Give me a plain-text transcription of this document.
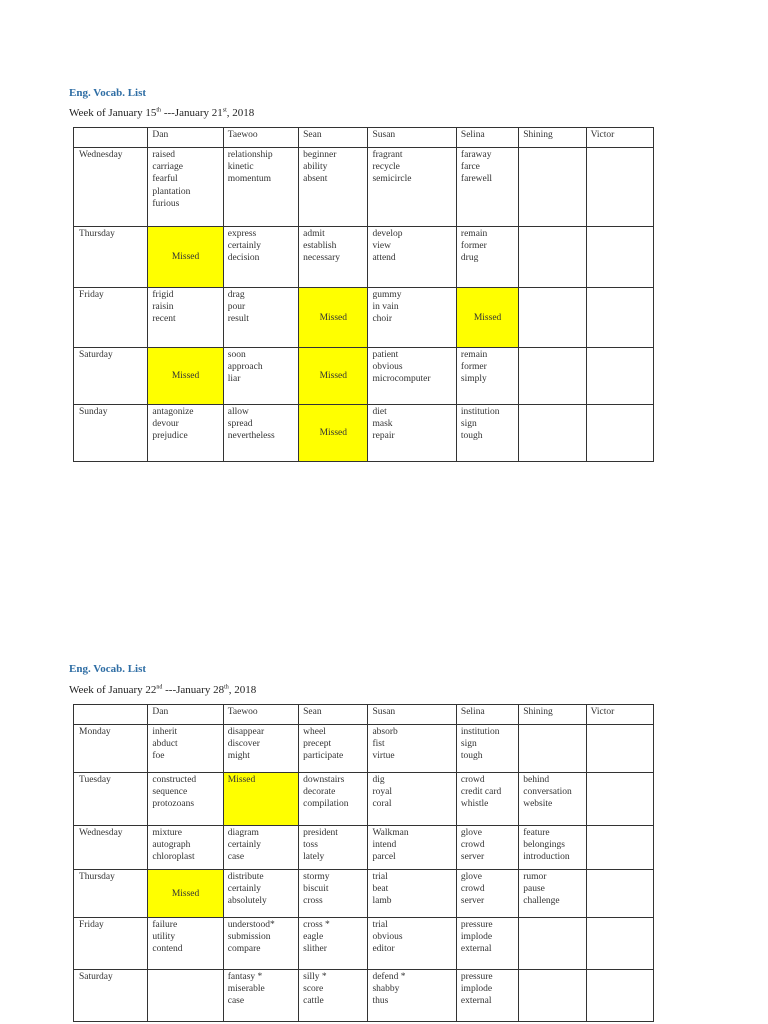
Eng. Vocab. List
Week of January 15th ---January 21st, 2018
	Dan	Taewoo	Sean	Susan	Selina	Shining	Victor
Wednesday	raised
carriage
fearful
plantation
furious	relationship
kinetic
momentum	beginner
ability
absent	fragrant
recycle
semicircle	faraway
farce
farewell		

Thursday	Missed	express
certainly
decision	admit
establish
necessary	develop
view
attend	remain
former
drug		

Friday	frigid
raisin
recent	drag
pour
result	Missed	gummy
in vain
choir	Missed		

Saturday	Missed	soon
approach
liar	Missed	patient
obvious
microcomputer	remain
former
simply		

Sunday	antagonize
devour
prejudice	allow
spread
nevertheless	Missed	diet
mask
repair	institution
sign
tough		

Eng. Vocab. List
Week of January 22nd ---January 28th, 2018
	Dan	Taewoo	Sean	Susan	Selina	Shining	Victor
Monday	inherit
abduct
foe	disappear
discover
might	wheel
precept
participate	absorb
fist
virtue	institution
sign
tough		

Tuesday	constructed
sequence
protozoans	Missed	downstairs
decorate
compilation	dig
royal
coral	crowd
credit card
whistle	behind
conversation
website	

Wednesday	mixture
autograph
chloroplast	diagram
certainly
case	president
toss
lately	Walkman
intend
parcel	glove
crowd
server	feature
belongings
introduction	

Thursday	Missed	distribute
certainly
absolutely	stormy
biscuit
cross	trial
beat
lamb	glove
crowd
server	rumor
pause
challenge	

Friday	failure
utility
contend	understood*
submission
compare	cross *
eagle
slither	trial
obvious
editor	pressure
implode
external		

Saturday		fantasy *
miserable
case	silly *
score
cattle	defend *
shabby
thus	pressure
implode
external		
